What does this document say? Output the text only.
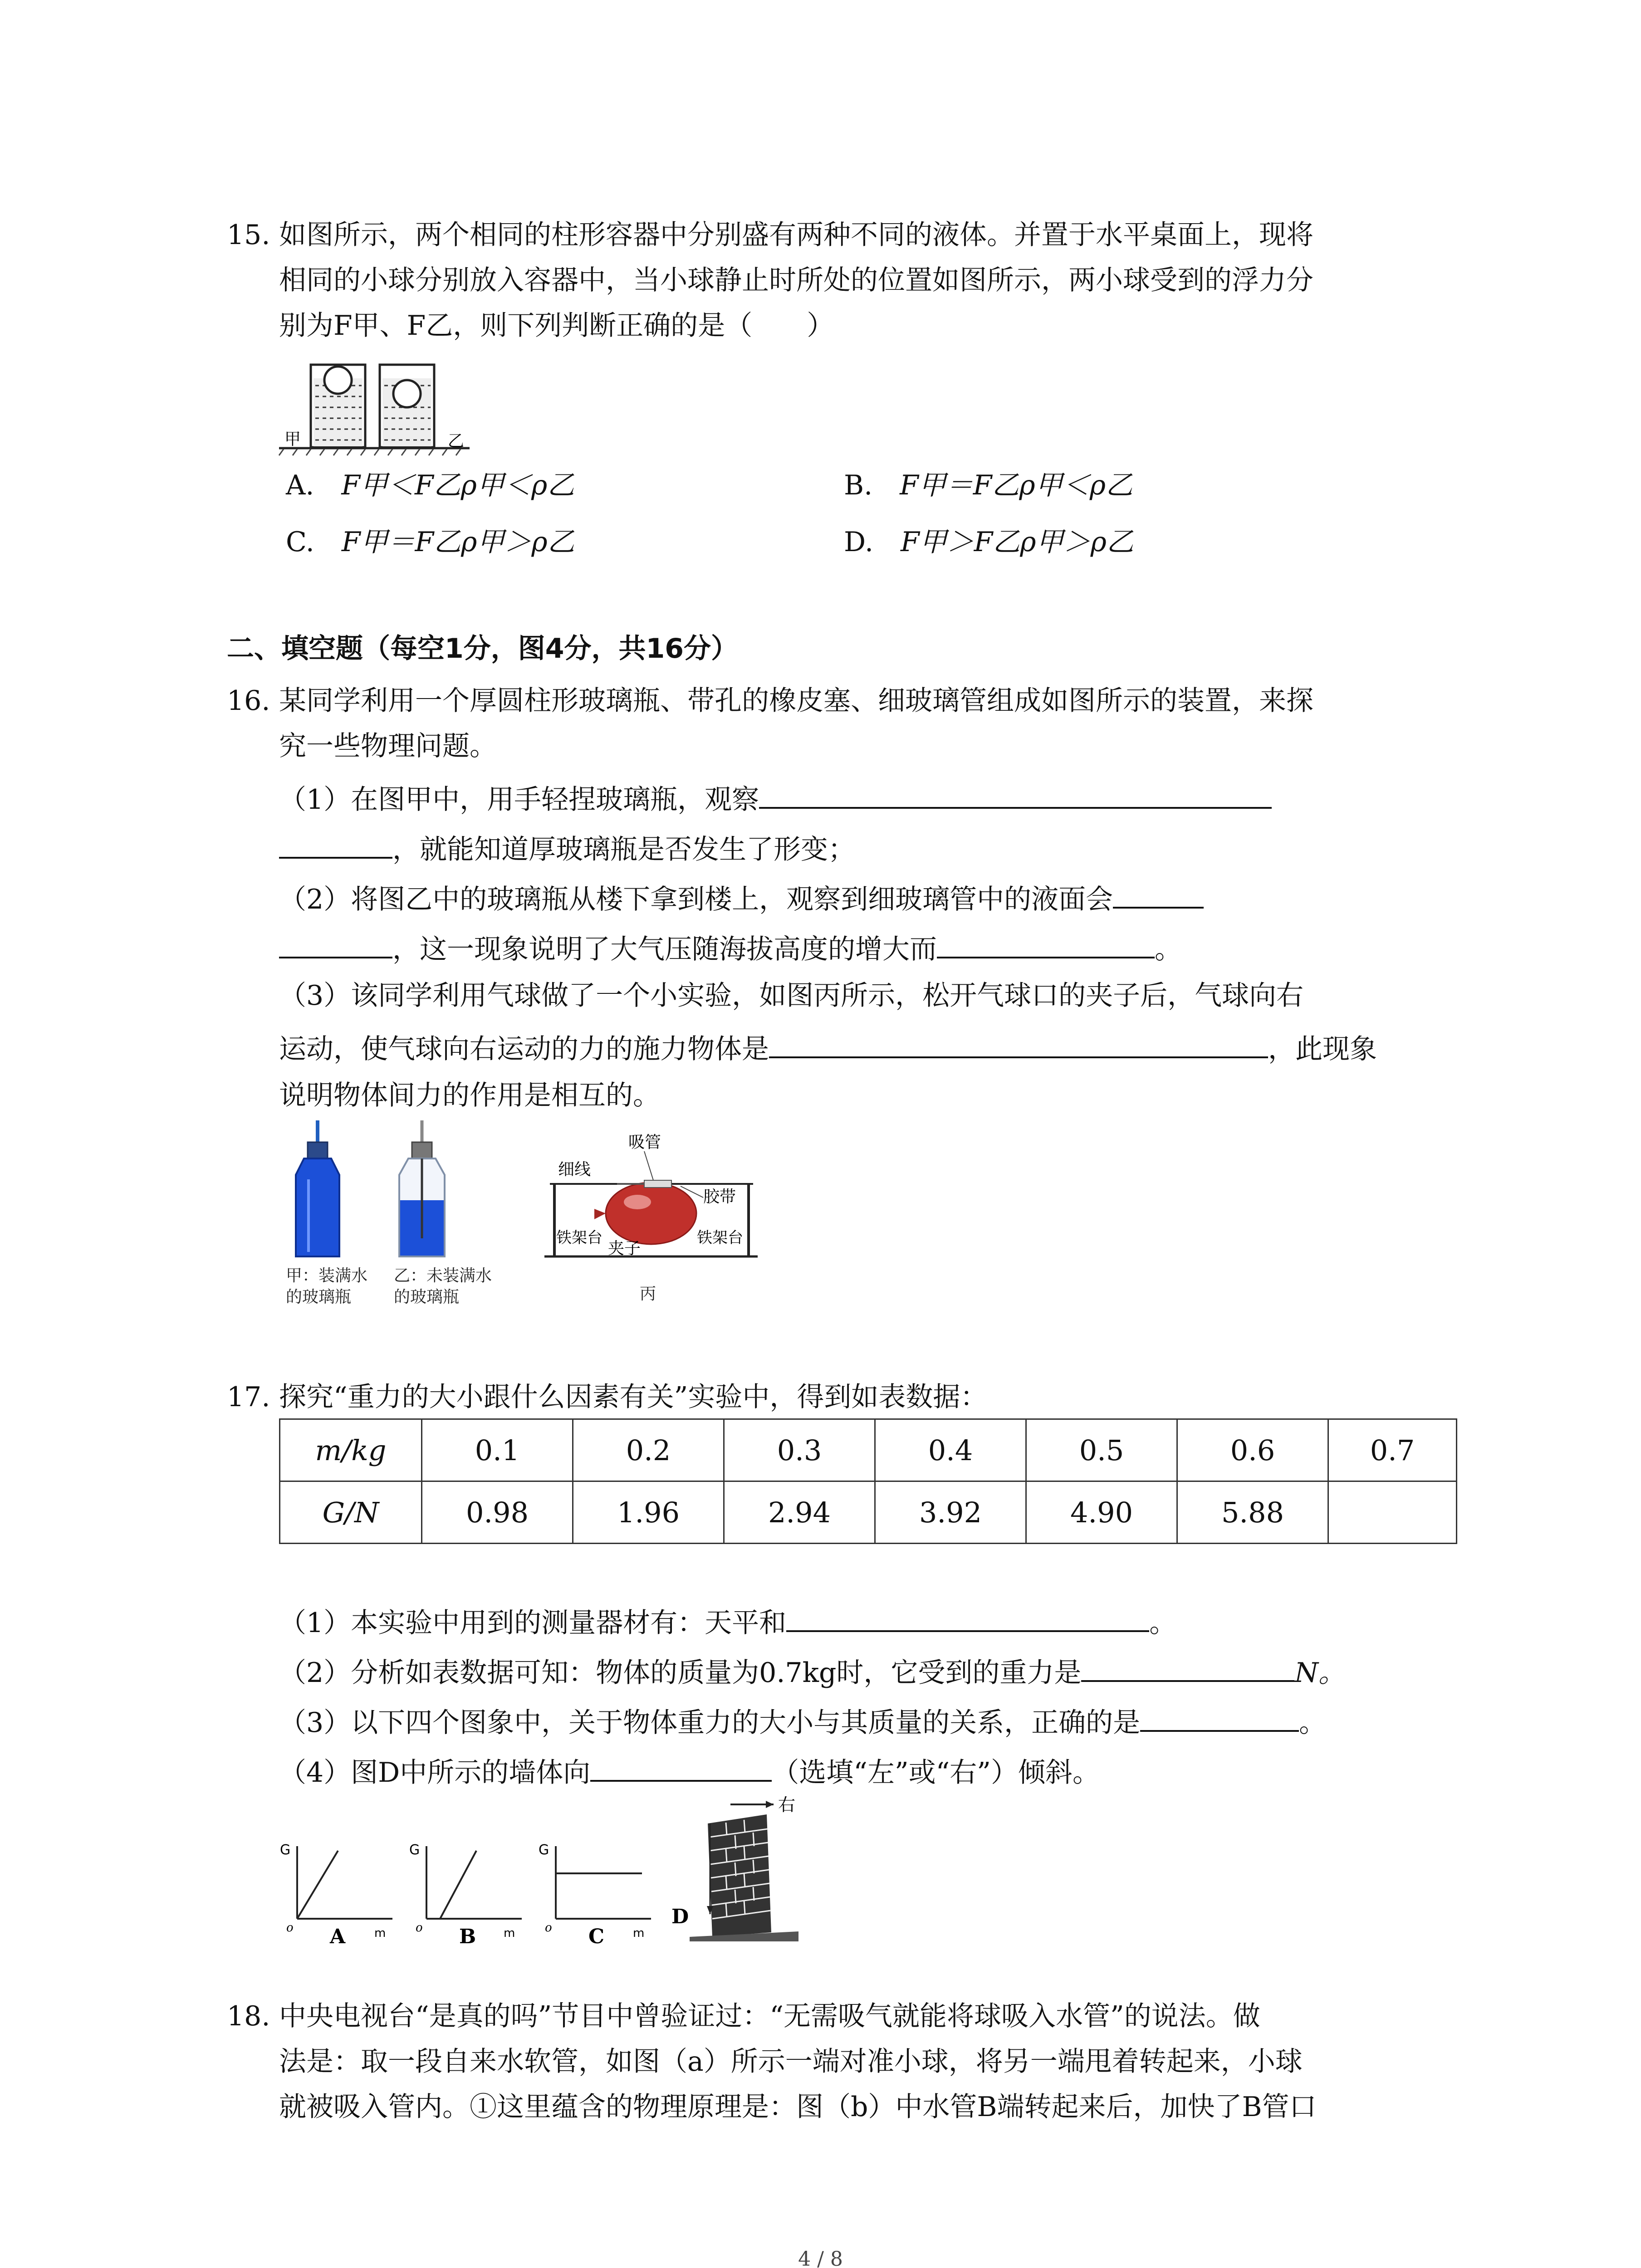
15. 如图所示，两个相同的柱形容器中分别盛有两种不同的液体。并置于水平桌面上，现将
相同的小球分别放入容器中，当小球静止时所处的位置如图所示，两小球受到的浮力分
别为F甲、F乙，则下列判断正确的是（　　）
甲	乙
A.　 F甲＜F乙ρ甲＜ρ乙	B.　 F甲＝F乙ρ甲＜ρ乙
C.　 F甲＝F乙ρ甲＞ρ乙	D.　 F甲＞F乙ρ甲＞ρ乙
二、填空题（每空1分，图4分，共16分）
16. 某同学利用一个厚圆柱形玻璃瓶、带孔的橡皮塞、细玻璃管组成如图所示的装置，来探
究一些物理问题。
（1）在图甲中，用手轻捏玻璃瓶，观察
，就能知道厚玻璃瓶是否发生了形变；
（2）将图乙中的玻璃瓶从楼下拿到楼上，观察到细玻璃管中的液面会
，这一现象说明了大气压随海拔高度的增大而	。
（3）该同学利用气球做了一个小实验，如图丙所示，松开气球口的夹子后，气球向右
运动，使气球向右运动的力的施力物体是	，此现象
说明物体间力的作用是相互的。
甲：装满水
的玻璃瓶
乙：未装满水
的玻璃瓶
吸管
细线
胶带
铁架台
夹子
铁架台
丙
17. 探究“重力的大小跟什么因素有关”实验中，得到如表数据：
m/kg	0.1	0.2	0.3	0.4	0.5	0.6	0.7
G/N	0.98	1.96	2.94	3.92	4.90	5.88	
（1）本实验中用到的测量器材有：天平和	。
（2）分析如表数据可知：物体的质量为0.7kg时，它受到的重力是	N。
（3）以下四个图象中，关于物体重力的大小与其质量的关系，正确的是	。
（4）图D中所示的墙体向	（选填“左”或“右”）倾斜。
G
o	m
A
G
o	m
B
G
o	m
C
右
D
18. 中央电视台“是真的吗”节目中曾验证过：“无需吸气就能将球吸入水管”的说法。做
法是：取一段自来水软管，如图（a）所示一端对准小球，将另一端甩着转起来，小球
就被吸入管内。①这里蕴含的物理原理是：图（b）中水管B端转起来后，加快了B管口
4 / 8
